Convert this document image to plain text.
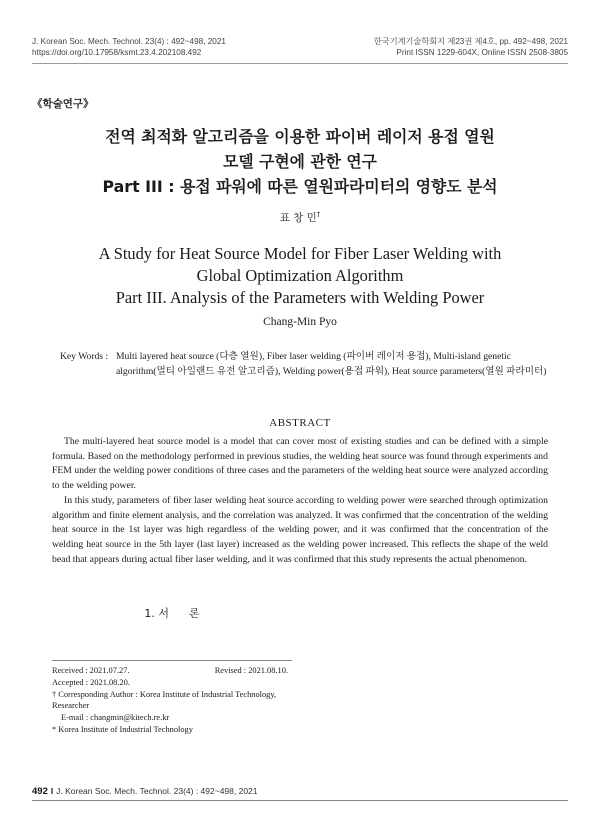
J. Korean Soc. Mech. Technol. 23(4) : 492~498, 2021
https://doi.org/10.17958/ksmt.23.4.202108.492
한국기계기술학회지 제23권 제4호, pp. 492~498, 2021
Print ISSN 1229-604X, Online ISSN 2508-3805
《학술연구》
전역 최적화 알고리즘을 이용한 파이버 레이저 용접 열원
모델 구현에 관한 연구
Part III : 용접 파워에 따른 열원파라미터의 영향도 분석
표 창 민†
A Study for Heat Source Model for Fiber Laser Welding with
Global Optimization Algorithm
Part III. Analysis of the Parameters with Welding Power
Chang-Min Pyo
Key Words : Multi layered heat source (다층 열원), Fiber laser welding (파이버 레이저 용접), Multi-island genetic algorithm(멀티 아일랜드 유전 알고리즘), Welding power(용접 파워), Heat source parameters(열원 파라미터)
ABSTRACT

The multi-layered heat source model is a model that can cover most of existing studies and can be defined with a simple formula. Based on the methodology performed in previous studies, the welding heat source was found through experiments and FEM under the welding power conditions of three cases and the parameters of the welding heat source were analyzed according to the welding power.

In this study, parameters of fiber laser welding heat source according to welding power were searched through optimization algorithm and finite element analysis, and the correlation was analyzed. It was confirmed that the concentration of the welding heat source in the 1st layer was high regardless of the welding power, and it was confirmed that the concentration of the welding heat source in the 5th layer (last layer) increased as the welding power increased. This reflects the shape of the weld bead that appears during actual fiber laser welding, and it was confirmed that this study represents the actual phenomenon.

1. 서 론
Received : 2021.07.27.	Revised : 2021.08.10.
Accepted : 2021.08.20.
† Corresponding Author : Korea Institute of Industrial Technology, Researcher
E-mail : changmin@kitech.re.kr
* Korea Institute of Industrial Technology
492 ‖ J. Korean Soc. Mech. Technol. 23(4) : 492~498, 2021
